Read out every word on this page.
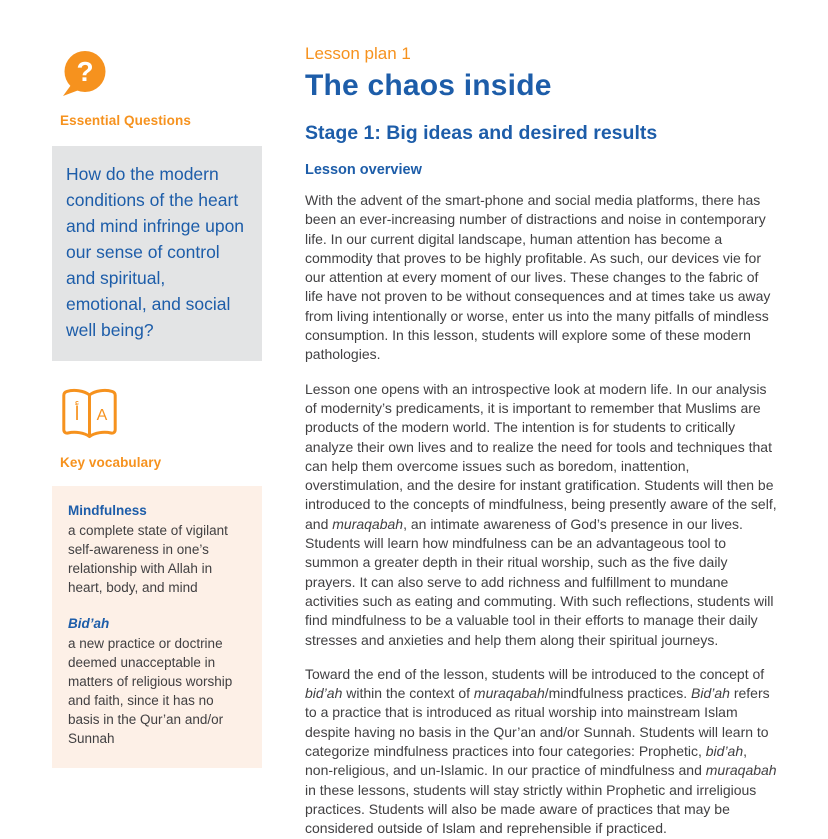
?

Essential Questions

How do the modern conditions of the heart and mind infringe upon our sense of control and spiritual, emotional, and social well being?

أ A

Key vocabulary

Mindfulness

a complete state of vigilant self-awareness in one’s relationship with Allah in heart, body, and mind

Bid’ah

a new practice or doctrine deemed unacceptable in matters of religious worship and faith, since it has no basis in the Qur’an and/or Sunnah

Lesson plan 1

The chaos inside
Stage 1: Big ideas and desired results
Lesson overview

With the advent of the smart-phone and social media platforms, there has been an ever-increasing number of distractions and noise in contemporary life. In our current digital landscape, human attention has become a commodity that proves to be highly profitable. As such, our devices vie for our attention at every moment of our lives. These changes to the fabric of life have not proven to be without consequences and at times take us away from living intentionally or worse, enter us into the many pitfalls of mindless consumption. In this lesson, students will explore some of these modern pathologies.

Lesson one opens with an introspective look at modern life. In our analysis of modernity’s predicaments, it is important to remember that Muslims are products of the modern world. The intention is for students to critically analyze their own lives and to realize the need for tools and techniques that can help them overcome issues such as boredom, inattention, overstimulation, and the desire for instant gratification. Students will then be introduced to the concepts of mindfulness, being presently aware of the self, and muraqabah, an intimate awareness of God’s presence in our lives. Students will learn how mindfulness can be an advantageous tool to summon a greater depth in their ritual worship, such as the five daily prayers. It can also serve to add richness and fulfillment to mundane activities such as eating and commuting. With such reflections, students will find mindfulness to be a valuable tool in their efforts to manage their daily stresses and anxieties and help them along their spiritual journeys.

Toward the end of the lesson, students will be introduced to the concept of bid’ah within the context of muraqabah/mindfulness practices. Bid’ah refers to a practice that is introduced as ritual worship into mainstream Islam despite having no basis in the Qur’an and/or Sunnah. Students will learn to categorize mindfulness practices into four categories: Prophetic, bid’ah, non-religious, and un-Islamic. In our practice of mindfulness and muraqabah in these lessons, students will stay strictly within Prophetic and irreligious practices. Students will also be made aware of practices that may be considered outside of Islam and reprehensible if practiced.
